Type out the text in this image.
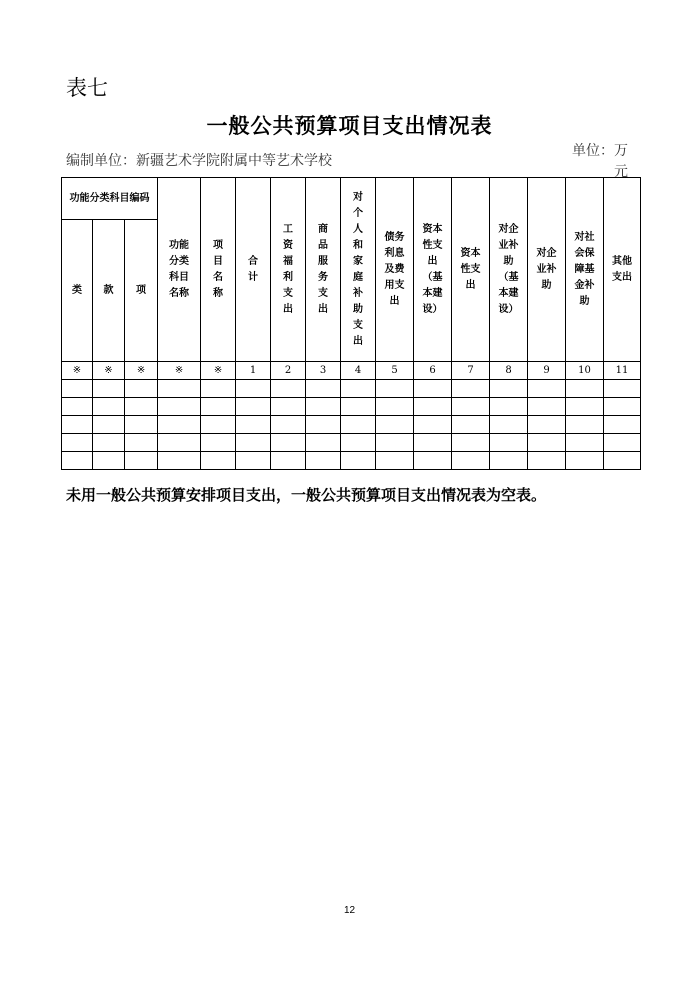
表七
一般公共预算项目支出情况表
编制单位：新疆艺术学院附属中等艺术学校
单位：万元
功能分类科目编码			功能分类科目名称	项目名称	合计	工资福利支出	商品服务支出	对个人和家庭补助支出	债务利息及费用支出	资本性支出（基本建设）	资本性支出	对企业补助（基本建设）	对企业补助	对社会保障基金补助	其他支出
类	款	项													
※	※	※	※	※	1	2	3	4	5	6	7	8	9	10	11

未用一般公共预算安排项目支出，一般公共预算项目支出情况表为空表。
12
